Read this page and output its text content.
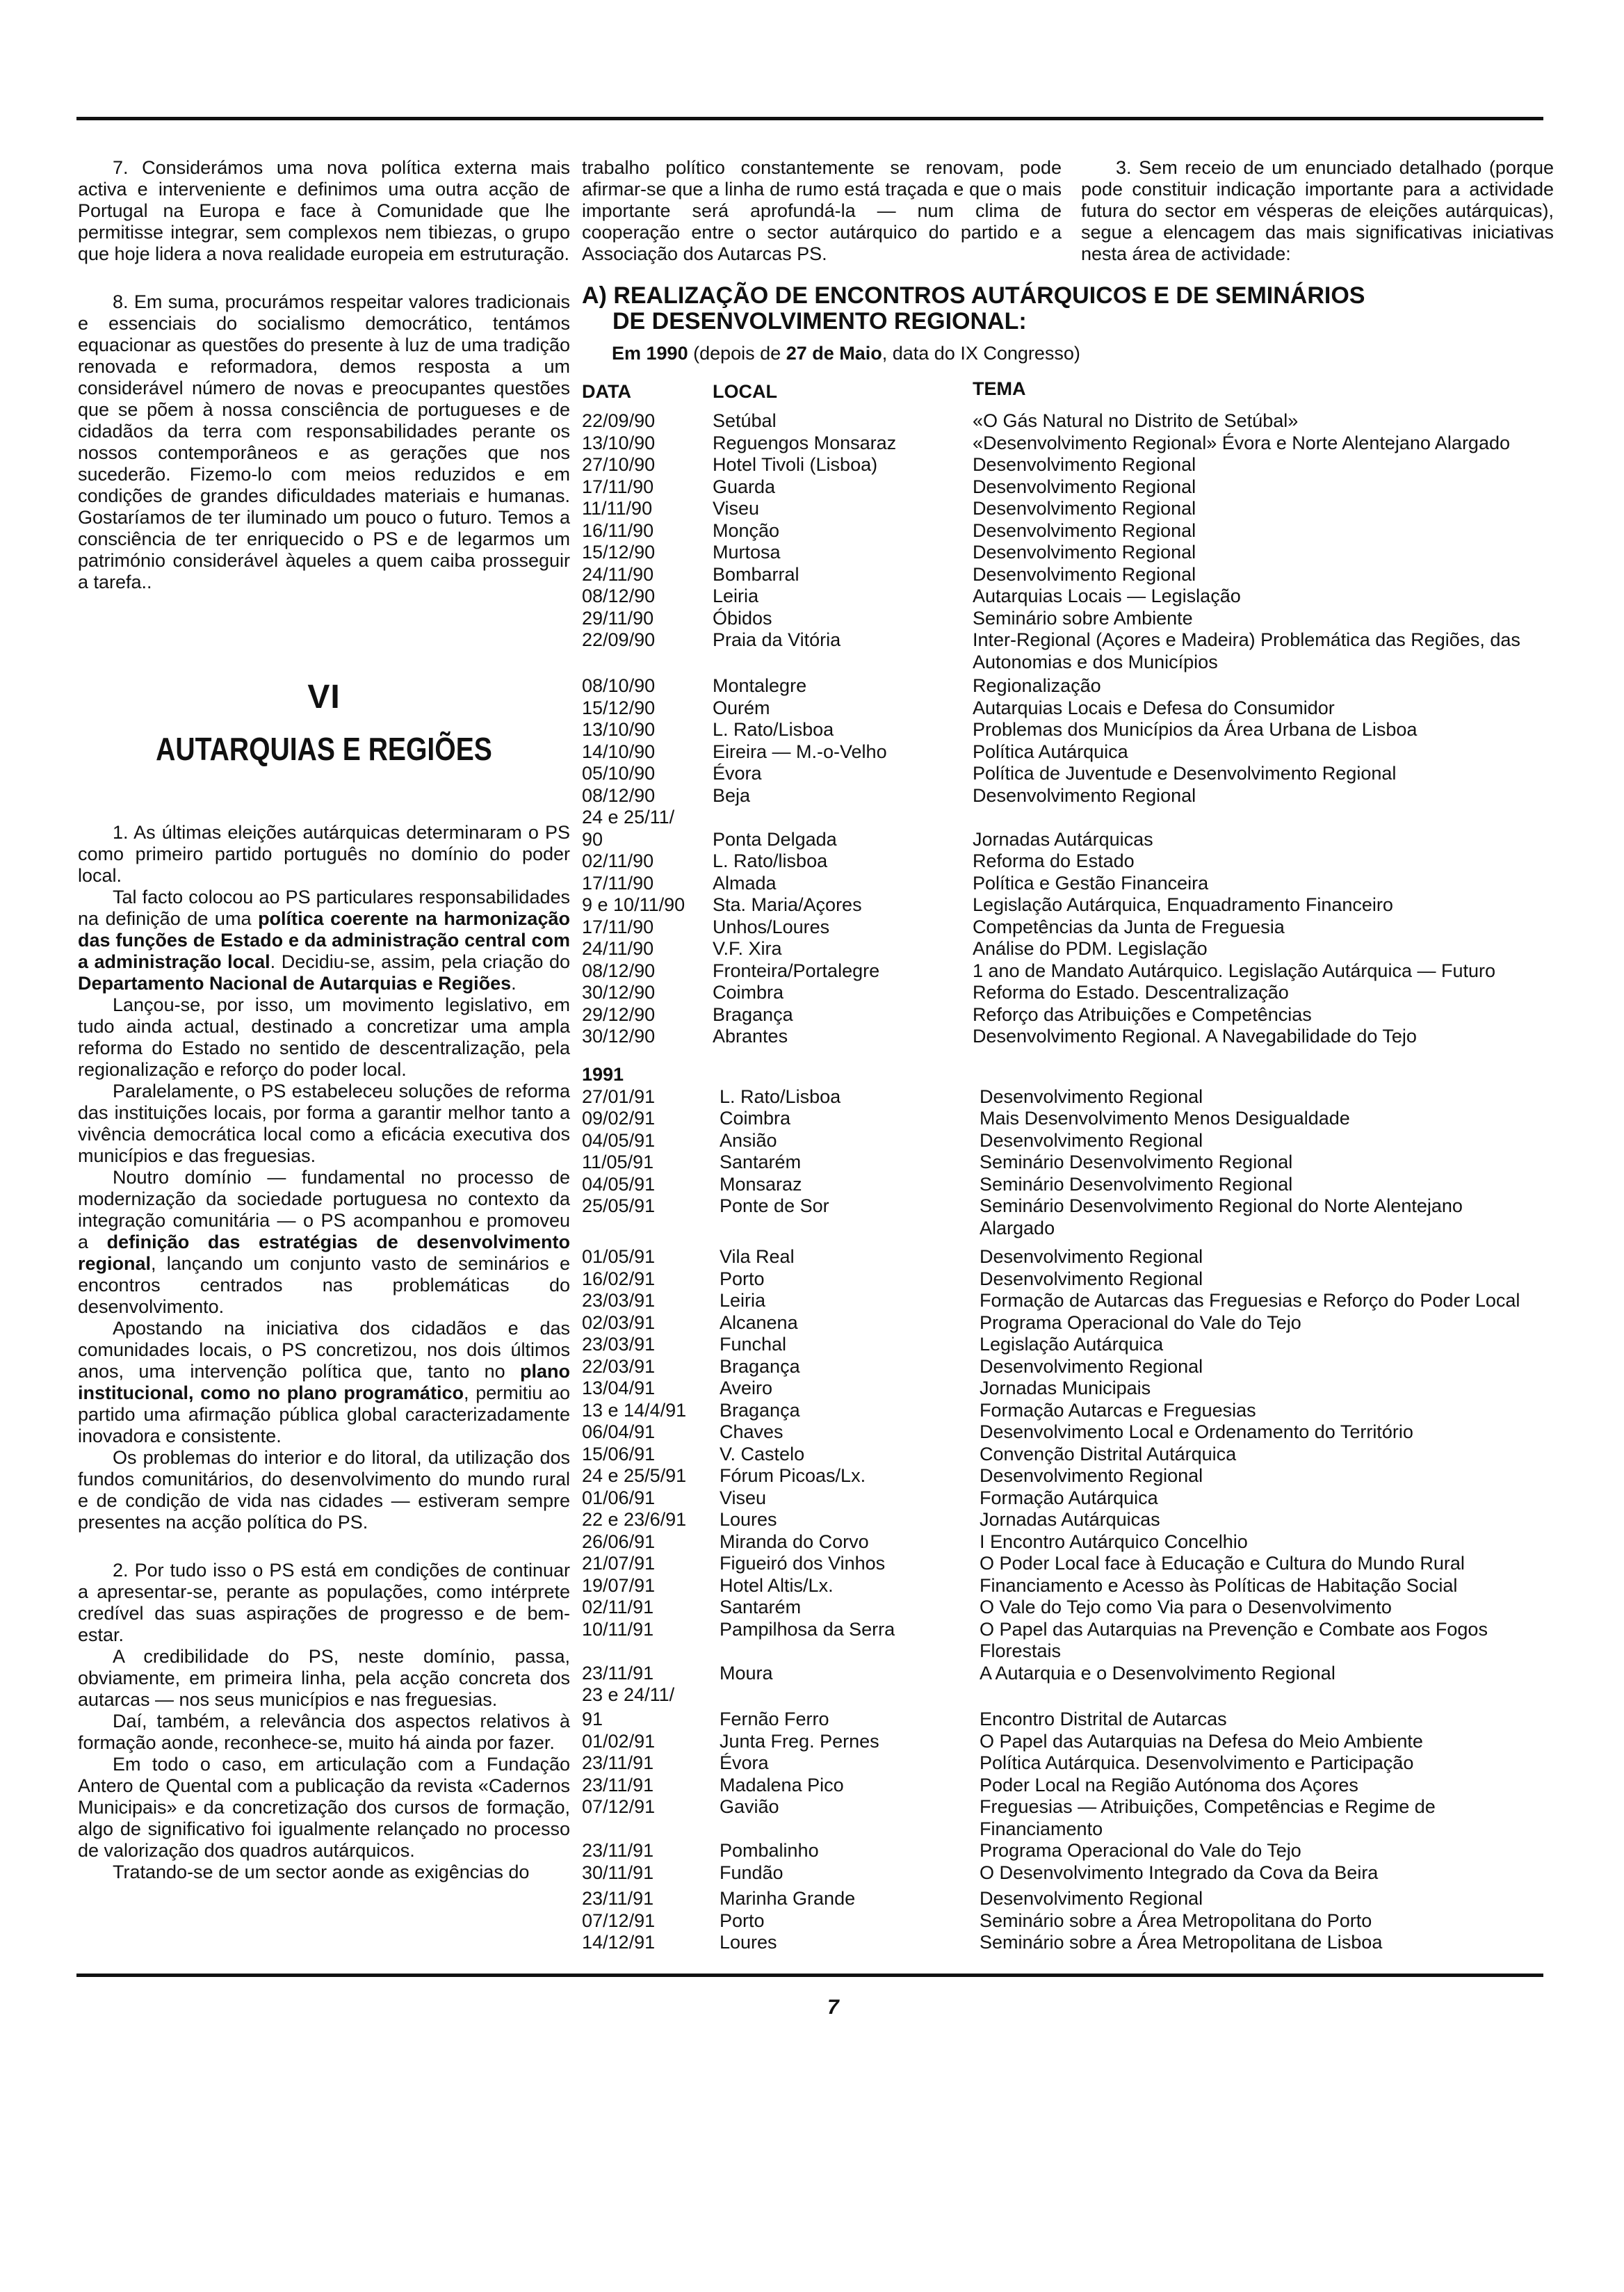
7. Considerámos uma nova política externa mais activa e interveniente e definimos uma outra acção de Portugal na Europa e face à Comunidade que lhe permitisse integrar, sem complexos nem tibiezas, o grupo que hoje lidera a nova realidade europeia em estruturação.

8. Em suma, procurámos respeitar valores tradicionais e essenciais do socialismo democrático, tentámos equacionar as questões do presente à luz de uma tradição renovada e reformadora, demos resposta a um considerável número de novas e preocupantes questões que se põem à nossa consciência de portugueses e de cidadãos da terra com responsabilidades perante os nossos contemporâneos e as gerações que nos sucederão. Fizemo-lo com meios reduzidos e em condições de grandes dificuldades materiais e humanas. Gostaríamos de ter iluminado um pouco o futuro. Temos a consciência de ter enriquecido o PS e de legarmos um património considerável àqueles a quem caiba prosseguir a tarefa..

VI
AUTARQUIAS E REGIÕES

1. As últimas eleições autárquicas determinaram o PS como primeiro partido português no domínio do poder local.

Tal facto colocou ao PS particulares responsabilidades na definição de uma política coerente na harmonização das funções de Estado e da administração central com a administração local. Decidiu-se, assim, pela criação do Departamento Nacional de Autarquias e Regiões.

Lançou-se, por isso, um movimento legislativo, em tudo ainda actual, destinado a concretizar uma ampla reforma do Estado no sentido de descentralização, pela regionalização e reforço do poder local.

Paralelamente, o PS estabeleceu soluções de reforma das instituições locais, por forma a garantir melhor tanto a vivência democrática local como a eficácia executiva dos municípios e das freguesias.

Noutro domínio — fundamental no processo de modernização da sociedade portuguesa no contexto da integração comunitária — o PS acompanhou e promoveu a definição das estratégias de desenvolvimento regional, lançando um conjunto vasto de seminários e encontros centrados nas problemáticas do desenvolvimento.

Apostando na iniciativa dos cidadãos e das comunidades locais, o PS concretizou, nos dois últimos anos, uma intervenção política que, tanto no plano institucional, como no plano programático, permitiu ao partido uma afirmação pública global caracterizadamente inovadora e consistente.

Os problemas do interior e do litoral, da utilização dos fundos comunitários, do desenvolvimento do mundo rural e de condição de vida nas cidades — estiveram sempre presentes na acção política do PS.

2. Por tudo isso o PS está em condições de continuar a apresentar-se, perante as populações, como intérprete credível das suas aspirações de progresso e de bem-estar.

A credibilidade do PS, neste domínio, passa, obviamente, em primeira linha, pela acção concreta dos autarcas — nos seus municípios e nas freguesias.

Daí, também, a relevância dos aspectos relativos à formação aonde, reconhece-se, muito há ainda por fazer.

Em todo o caso, em articulação com a Fundação Antero de Quental com a publicação da revista «Cadernos Municipais» e da concretização dos cursos de formação, algo de significativo foi igualmente relançado no processo de valorização dos quadros autárquicos.

Tratando-se de um sector aonde as exigências do

trabalho político constantemente se renovam, pode afirmar-se que a linha de rumo está traçada e que o mais importante será aprofundá-la — num clima de cooperação entre o sector autárquico do partido e a Associação dos Autarcas PS.

3. Sem receio de um enunciado detalhado (porque pode constituir indicação importante para a actividade futura do sector em vésperas de eleições autárquicas), segue a elencagem das mais significativas iniciativas nesta área de actividade:

A) REALIZAÇÃO DE ENCONTROS AUTÁRQUICOS E DE SEMINÁRIOS
DE DESENVOLVIMENTO REGIONAL:
Em 1990 (depois de 27 de Maio, data do IX Congresso)
DATA	LOCAL	TEMA
22/09/90	Setúbal	«O Gás Natural no Distrito de Setúbal»
13/10/90	Reguengos Monsaraz	«Desenvolvimento Regional» Évora e Norte Alentejano Alargado
27/10/90	Hotel Tivoli (Lisboa)	Desenvolvimento Regional
17/11/90	Guarda	Desenvolvimento Regional
11/11/90	Viseu	Desenvolvimento Regional
16/11/90	Monção	Desenvolvimento Regional
15/12/90	Murtosa	Desenvolvimento Regional
24/11/90	Bombarral	Desenvolvimento Regional
08/12/90	Leiria	Autarquias Locais — Legislação
29/11/90	Óbidos	Seminário sobre Ambiente
22/09/90	Praia da Vitória	Inter-Regional (Açores e Madeira) Problemática das Regiões, das
Autonomias e dos Municípios
08/10/90	Montalegre	Regionalização
15/12/90	Ourém	Autarquias Locais e Defesa do Consumidor
13/10/90	L. Rato/Lisboa	Problemas dos Municípios da Área Urbana de Lisboa
14/10/90	Eireira — M.-o-Velho	Política Autárquica
05/10/90	Évora	Política de Juventude e Desenvolvimento Regional
08/12/90	Beja	Desenvolvimento Regional
24 e 25/11/
90	Ponta Delgada	Jornadas Autárquicas
02/11/90	L. Rato/lisboa	Reforma do Estado
17/11/90	Almada	Política e Gestão Financeira
9 e 10/11/90 Sta. Maria/Açores	Legislação Autárquica, Enquadramento Financeiro
17/11/90	Unhos/Loures	Competências da Junta de Freguesia
24/11/90	V.F. Xira	Análise do PDM. Legislação
08/12/90	Fronteira/Portalegre	1 ano de Mandato Autárquico. Legislação Autárquica — Futuro
30/12/90	Coimbra	Reforma do Estado. Descentralização
29/12/90	Bragança	Reforço das Atribuições e Competências
30/12/90	Abrantes	Desenvolvimento Regional. A Navegabilidade do Tejo
1991
27/01/91	L. Rato/Lisboa	Desenvolvimento Regional
09/02/91	Coimbra	Mais Desenvolvimento Menos Desigualdade
04/05/91	Ansião	Desenvolvimento Regional
11/05/91	Santarém	Seminário Desenvolvimento Regional
04/05/91	Monsaraz	Seminário Desenvolvimento Regional
25/05/91	Ponte de Sor	Seminário Desenvolvimento Regional do Norte Alentejano
Alargado
01/05/91	Vila Real	Desenvolvimento Regional
16/02/91	Porto	Desenvolvimento Regional
23/03/91	Leiria	Formação de Autarcas das Freguesias e Reforço do Poder Local
02/03/91	Alcanena	Programa Operacional do Vale do Tejo
23/03/91	Funchal	Legislação Autárquica
22/03/91	Bragança	Desenvolvimento Regional
13/04/91	Aveiro	Jornadas Municipais
13 e 14/4/91 Bragança	Formação Autarcas e Freguesias
06/04/91	Chaves	Desenvolvimento Local e Ordenamento do Território
15/06/91	V. Castelo	Convenção Distrital Autárquica
24 e 25/5/91 Fórum Picoas/Lx.	Desenvolvimento Regional
01/06/91	Viseu	Formação Autárquica
22 e 23/6/91 Loures	Jornadas Autárquicas
26/06/91	Miranda do Corvo	I Encontro Autárquico Concelhio
21/07/91	Figueiró dos Vinhos	O Poder Local face à Educação e Cultura do Mundo Rural
19/07/91	Hotel Altis/Lx.	Financiamento e Acesso às Políticas de Habitação Social
02/11/91	Santarém	O Vale do Tejo como Via para o Desenvolvimento
10/11/91	Pampilhosa da Serra	O Papel das Autarquias na Prevenção e Combate aos Fogos
Florestais
23/11/91	Moura	A Autarquia e o Desenvolvimento Regional
23 e 24/11/
91	Fernão Ferro	Encontro Distrital de Autarcas
01/02/91	Junta Freg. Pernes	O Papel das Autarquias na Defesa do Meio Ambiente
23/11/91	Évora	Política Autárquica. Desenvolvimento e Participação
23/11/91	Madalena Pico	Poder Local na Região Autónoma dos Açores
07/12/91	Gavião	Freguesias — Atribuições, Competências e Regime de
Financiamento
23/11/91	Pombalinho	Programa Operacional do Vale do Tejo
30/11/91	Fundão	O Desenvolvimento Integrado da Cova da Beira
23/11/91	Marinha Grande	Desenvolvimento Regional
07/12/91	Porto	Seminário sobre a Área Metropolitana do Porto
14/12/91	Loures	Seminário sobre a Área Metropolitana de Lisboa
7
